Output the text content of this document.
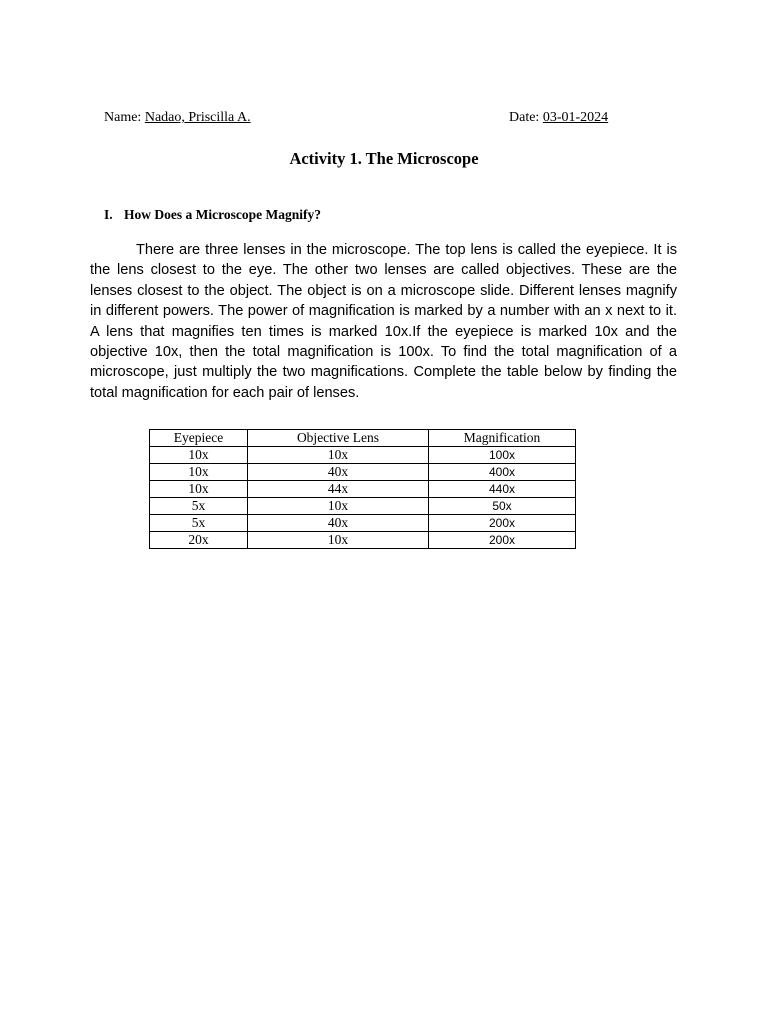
Name: Nadao, Priscilla A.	Date: 03-01-2024
Activity 1. The Microscope
I. How Does a Microscope Magnify?

There are three lenses in the microscope. The top lens is called the eyepiece. It is the lens closest to the eye. The other two lenses are called objectives. These are the lenses closest to the object. The object is on a microscope slide. Different lenses magnify in different powers. The power of magnification is marked by a number with an x next to it. A lens that magnifies ten times is marked 10x.If the eyepiece is marked 10x and the objective 10x, then the total magnification is 100x. To find the total magnification of a microscope, just multiply the two magnifications. Complete the table below by finding the total magnification for each pair of lenses.

Eyepiece	Objective Lens	Magnification
10x	10x	100x
10x	40x	400x
10x	44x	440x
5x	10x	50x
5x	40x	200x
20x	10x	200x
